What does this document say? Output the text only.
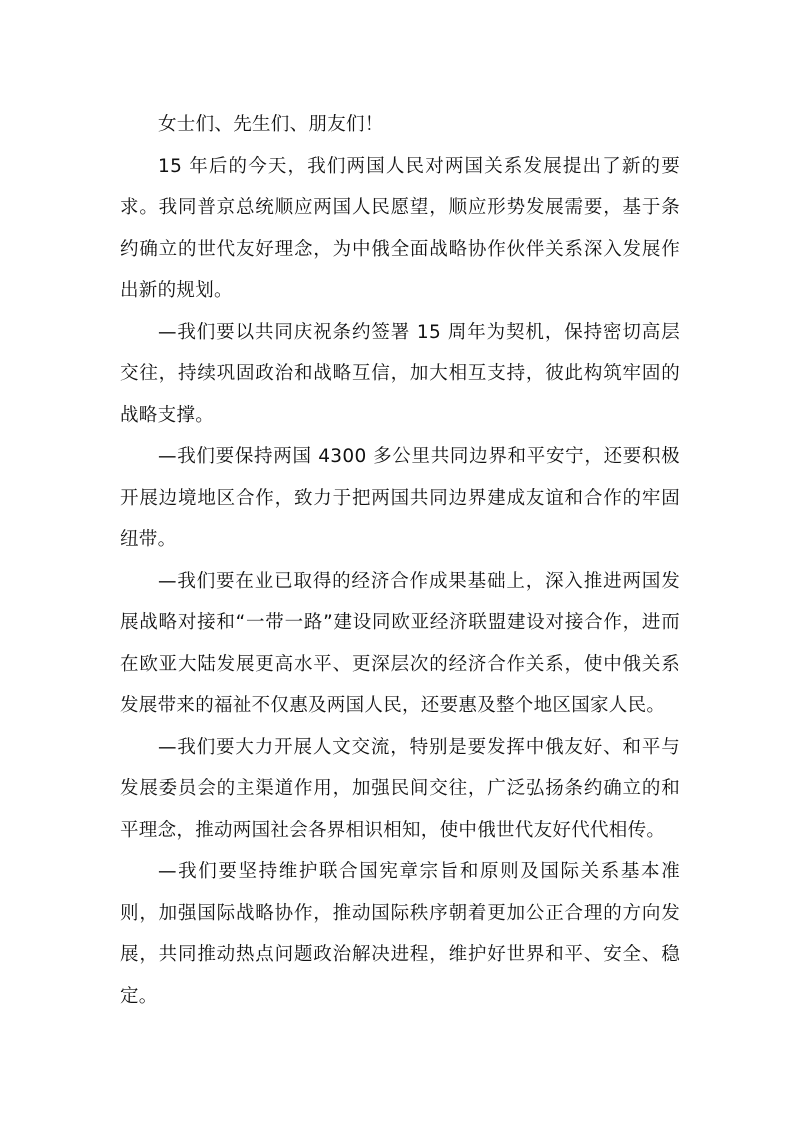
女士们、先生们、朋友们！

15 年后的今天，我们两国人民对两国关系发展提出了新的要求。我同普京总统顺应两国人民愿望，顺应形势发展需要，基于条约确立的世代友好理念，为中俄全面战略协作伙伴关系深入发展作出新的规划。

—我们要以共同庆祝条约签署 15 周年为契机，保持密切高层交往，持续巩固政治和战略互信，加大相互支持，彼此构筑牢固的战略支撑。

—我们要保持两国 4300 多公里共同边界和平安宁，还要积极开展边境地区合作，致力于把两国共同边界建成友谊和合作的牢固纽带。

—我们要在业已取得的经济合作成果基础上，深入推进两国发展战略对接和“一带一路”建设同欧亚经济联盟建设对接合作，进而在欧亚大陆发展更高水平、更深层次的经济合作关系，使中俄关系发展带来的福祉不仅惠及两国人民，还要惠及整个地区国家人民。

—我们要大力开展人文交流，特别是要发挥中俄友好、和平与发展委员会的主渠道作用，加强民间交往，广泛弘扬条约确立的和平理念，推动两国社会各界相识相知，使中俄世代友好代代相传。

—我们要坚持维护联合国宪章宗旨和原则及国际关系基本准则，加强国际战略协作，推动国际秩序朝着更加公正合理的方向发展，共同推动热点问题政治解决进程，维护好世界和平、安全、稳定。
